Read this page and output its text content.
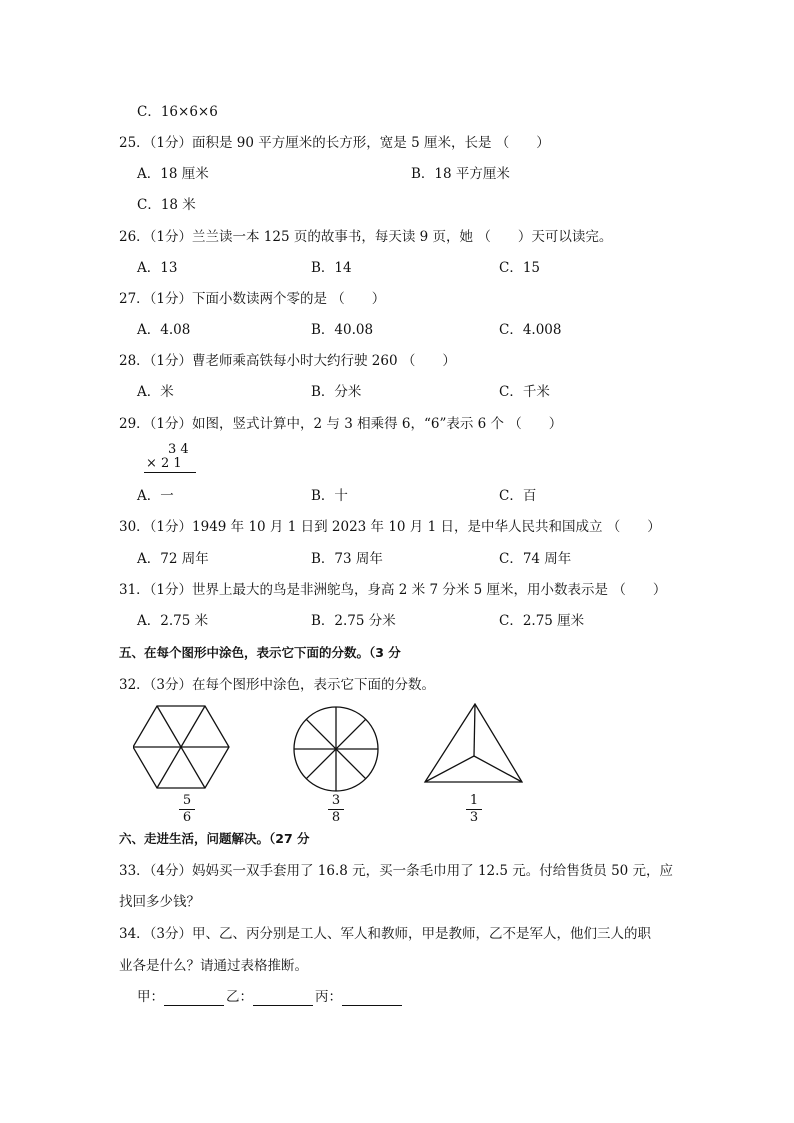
C．16×6×6
25．（1分）面积是 90 平方厘米的长方形，宽是 5 厘米，长是 （　　）
A．18 厘米	B．18 平方厘米
C．18 米
26．（1分）兰兰读一本 125 页的故事书，每天读 9 页，她 （　　）天可以读完。
A．13	B．14	C．15
27．（1分）下面小数读两个零的是 （　　）
A．4.08	B．40.08	C．4.008
28．（1分）曹老师乘高铁每小时大约行驶 260 （　　）
A．米	B．分米	C．千米
29．（1分）如图，竖式计算中，2 与 3 相乘得 6，“6”表示 6 个 （　　）
3 4
× 2 1
A．一	B．十	C．百
30．（1分）1949 年 10 月 1 日到 2023 年 10 月 1 日，是中华人民共和国成立 （　　）
A．72 周年	B．73 周年	C．74 周年
31．（1分）世界上最大的鸟是非洲鸵鸟，身高 2 米 7 分米 5 厘米，用小数表示是 （　　）
A．2.75 米	B．2.75 分米	C．2.75 厘米
五、在每个图形中涂色，表示它下面的分数。（3 分
32．（3分）在每个图形中涂色，表示它下面的分数。
5
6
3
8
1
3
六、走进生活，问题解决。（27 分
33．（4分）妈妈买一双手套用了 16.8 元，买一条毛巾用了 12.5 元。付给售货员 50 元，应
找回多少钱？
34．（3分）甲、乙、丙分别是工人、军人和教师，甲是教师，乙不是军人，他们三人的职
业各是什么？请通过表格推断。
甲：	乙：	丙：
